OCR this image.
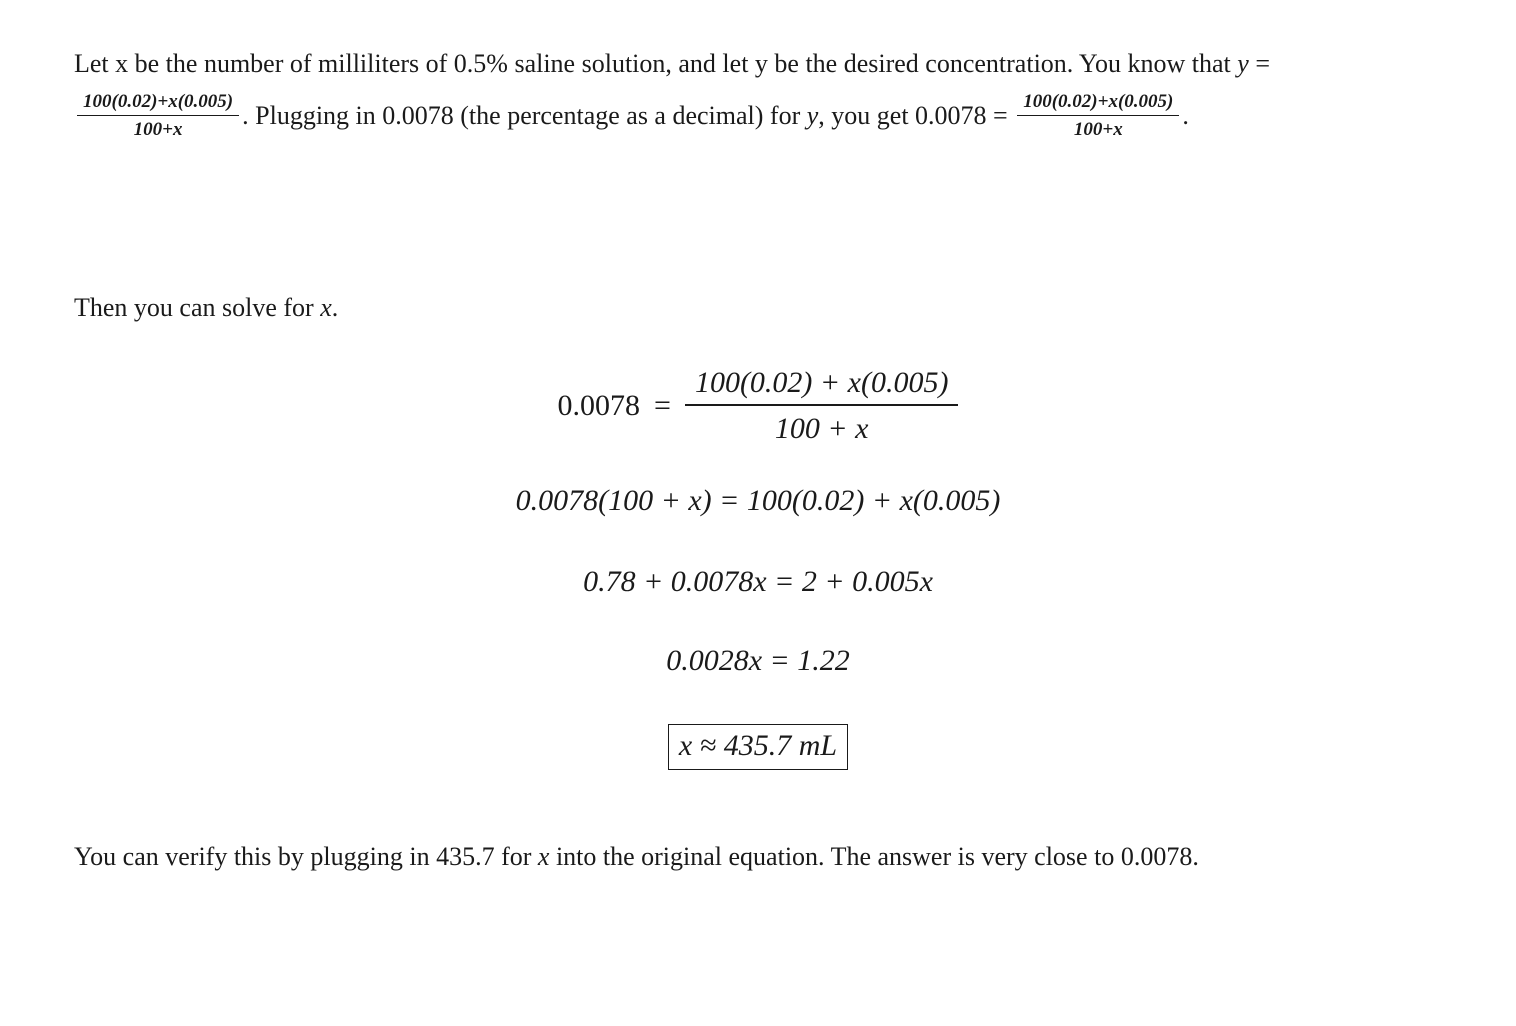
Let x be the number of milliliters of 0.5% saline solution, and let y be the desired concentration. You know that y =
$\frac{100(0.02)+x(0.005)}{100+x}$ . Plugging in 0.0078 (the percentage as a decimal) for y, you get $0.0078 = \frac{100(0.02)+x(0.005)}{100+x}$ .
Then you can solve for x.
$0.0078 = \frac{100(0.02) + x(0.005)}{100 + x}$
0.0078(100 + x) = 100(0.02) + x(0.005)
0.78 + 0.0078x = 2 + 0.005x
0.0028x = 1.22
x ≈ 435.7 mL
You can verify this by plugging in 435.7 for x into the original equation. The answer is very close to 0.0078.
